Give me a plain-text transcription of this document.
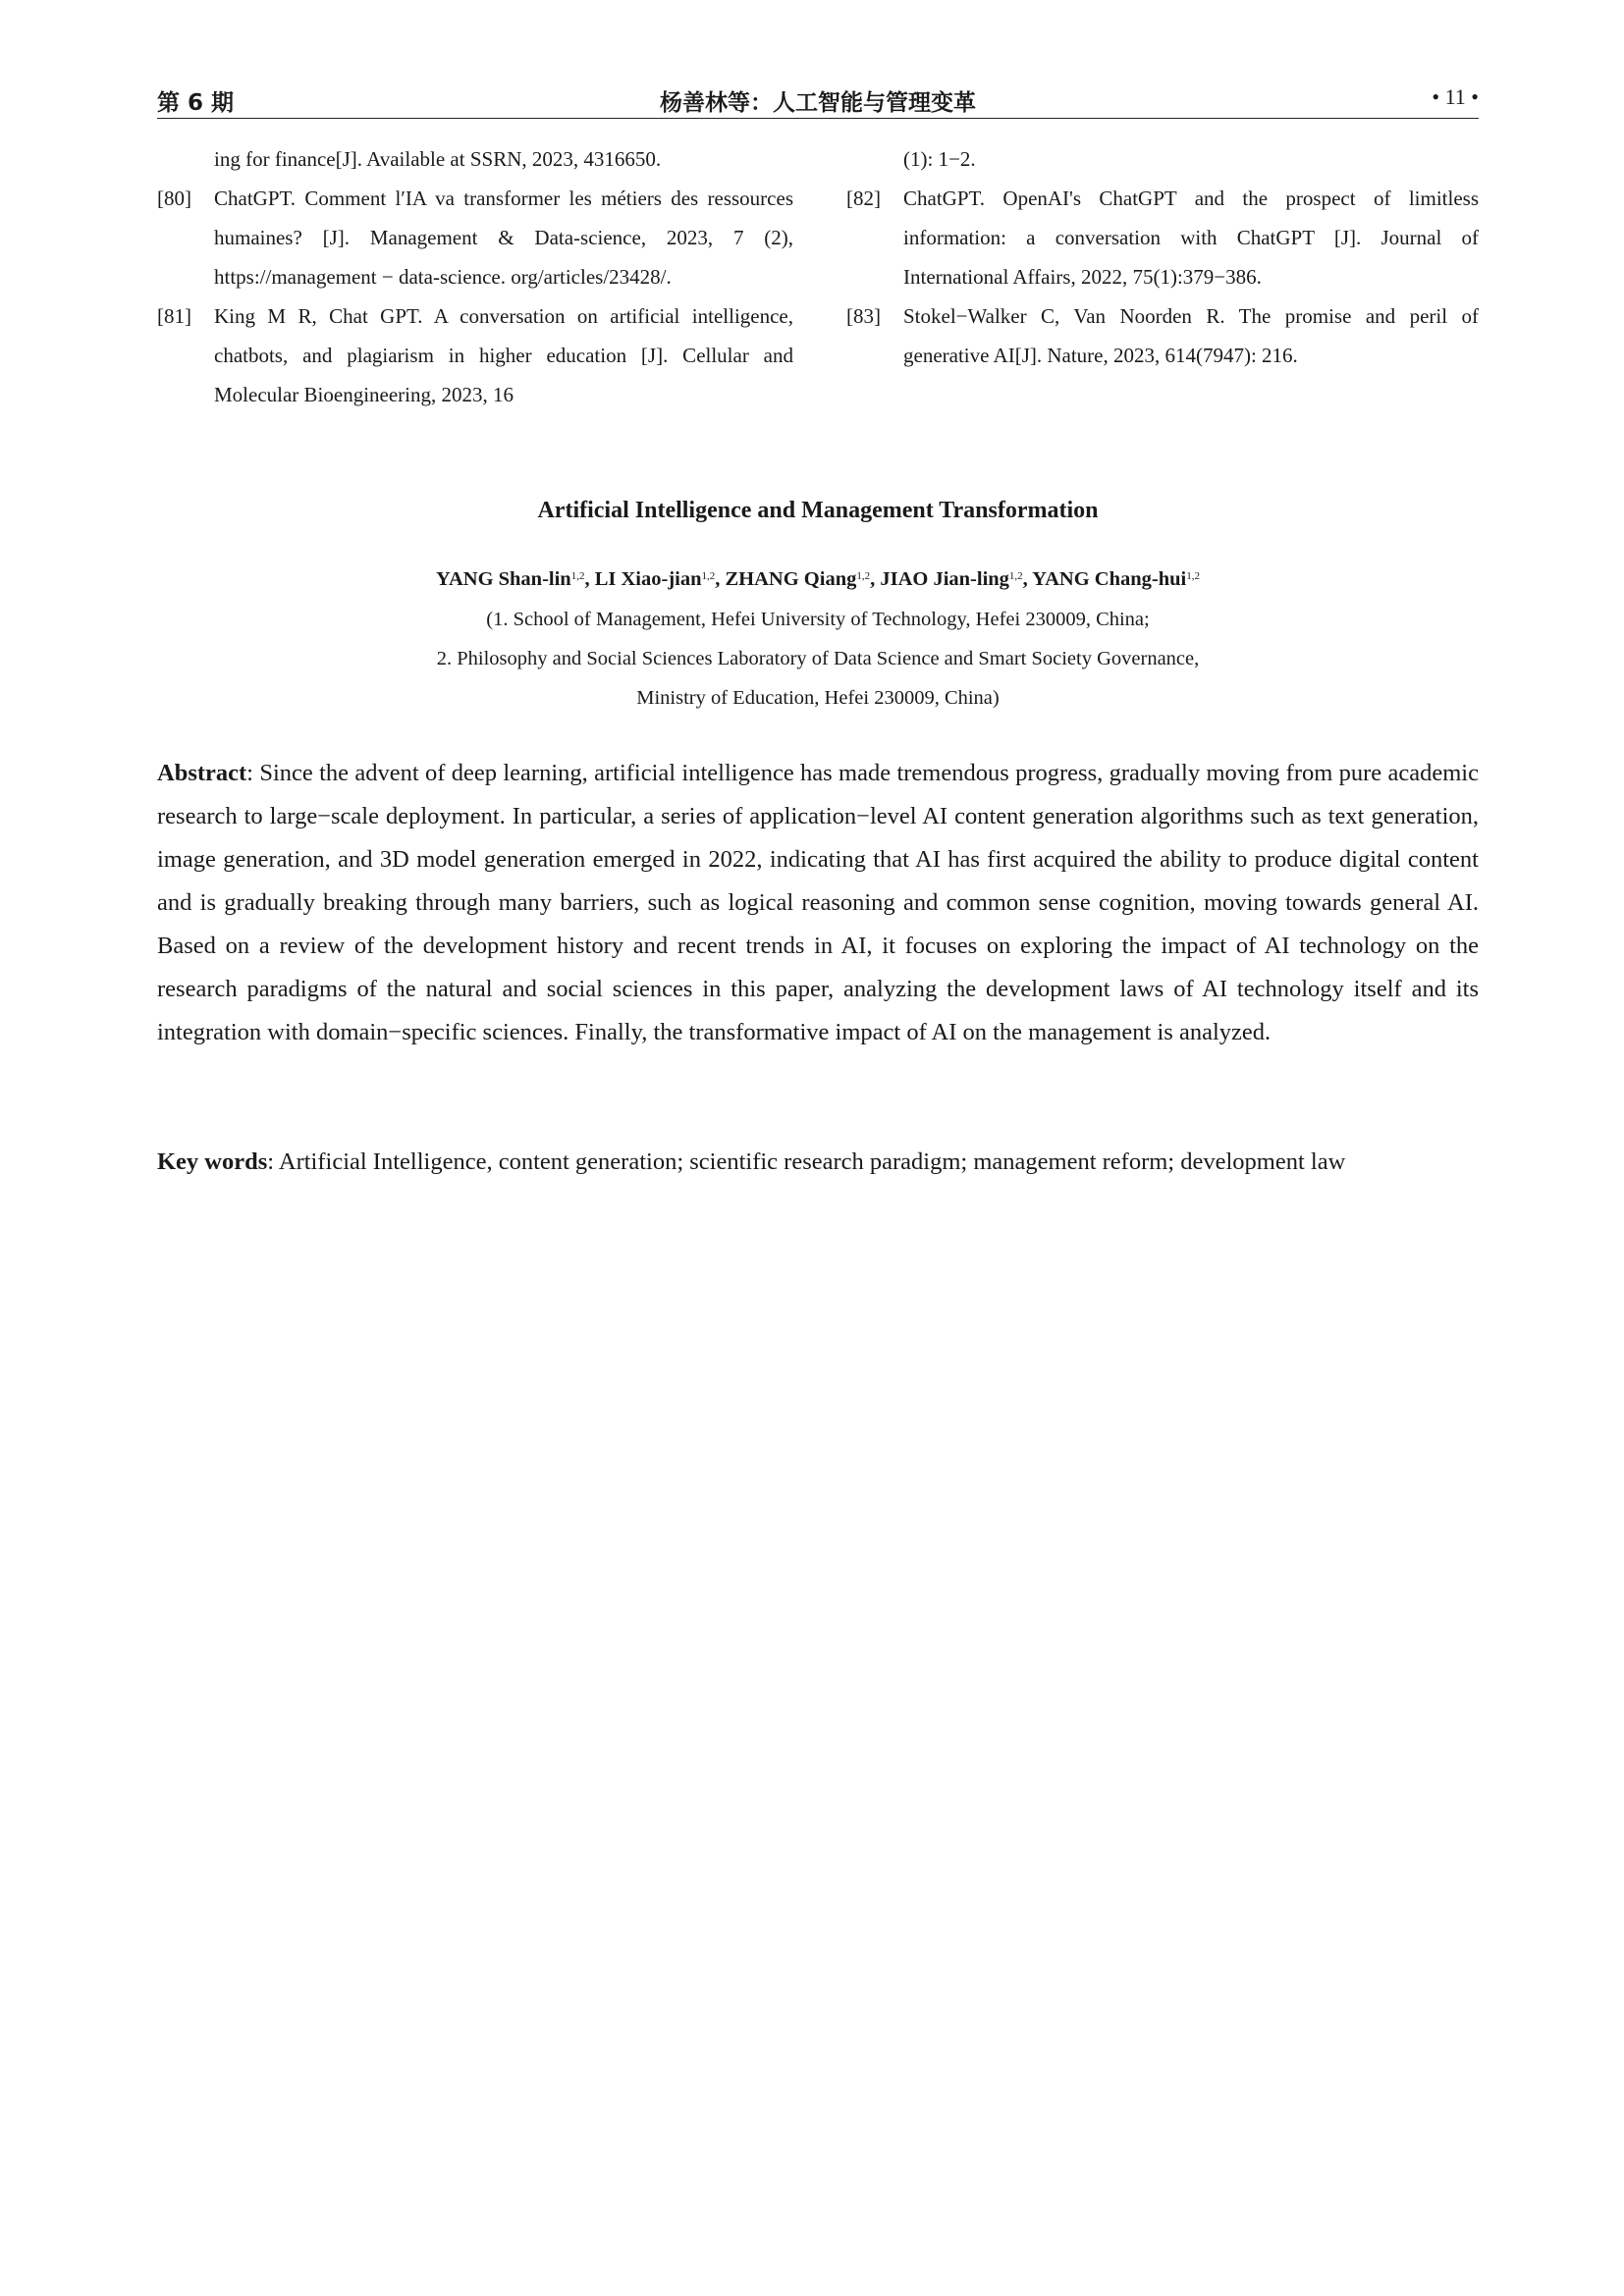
第 6 期	杨善林等：人工智能与管理变革	• 11 •
ing for finance[J]. Available at SSRN, 2023, 4316650.
[80] ChatGPT. Comment l′IA va transformer les métiers des ressources humaines? [J]. Management & Data-science, 2023, 7 (2), https://management − data-science. org/articles/23428/.
[81] King M R, Chat GPT. A conversation on artificial intelligence, chatbots, and plagiarism in higher education [J]. Cellular and Molecular Bioengineering, 2023, 16
(1): 1−2.
[82] ChatGPT. OpenAI's ChatGPT and the prospect of limitless information: a conversation with ChatGPT [J]. Journal of International Affairs, 2022, 75(1):379−386.
[83] Stokel−Walker C, Van Noorden R. The promise and peril of generative AI[J]. Nature, 2023, 614(7947): 216.
Artificial Intelligence and Management Transformation
YANG Shan-lin$^{1,2}$, LI Xiao-jian$^{1,2}$, ZHANG Qiang$^{1,2}$, JIAO Jian-ling$^{1,2}$, YANG Chang-hui$^{1,2}$
(1. School of Management, Hefei University of Technology, Hefei 230009, China;
2. Philosophy and Social Sciences Laboratory of Data Science and Smart Society Governance,
Ministry of Education, Hefei 230009, China)
Abstract: Since the advent of deep learning, artificial intelligence has made tremendous progress, gradually moving from pure academic research to large−scale deployment. In particular, a series of application−level AI content generation algorithms such as text generation, image generation, and 3D model generation emerged in 2022, indicating that AI has first acquired the ability to produce digital content and is gradually breaking through many barriers, such as logical reasoning and common sense cognition, moving towards general AI. Based on a review of the development history and recent trends in AI, it focuses on exploring the impact of AI technology on the research paradigms of the natural and social sciences in this paper, analyzing the development laws of AI technology itself and its integration with domain−specific sciences. Finally, the transformative impact of AI on the management is analyzed.
Key words: Artificial Intelligence, content generation; scientific research paradigm; management reform; development law
